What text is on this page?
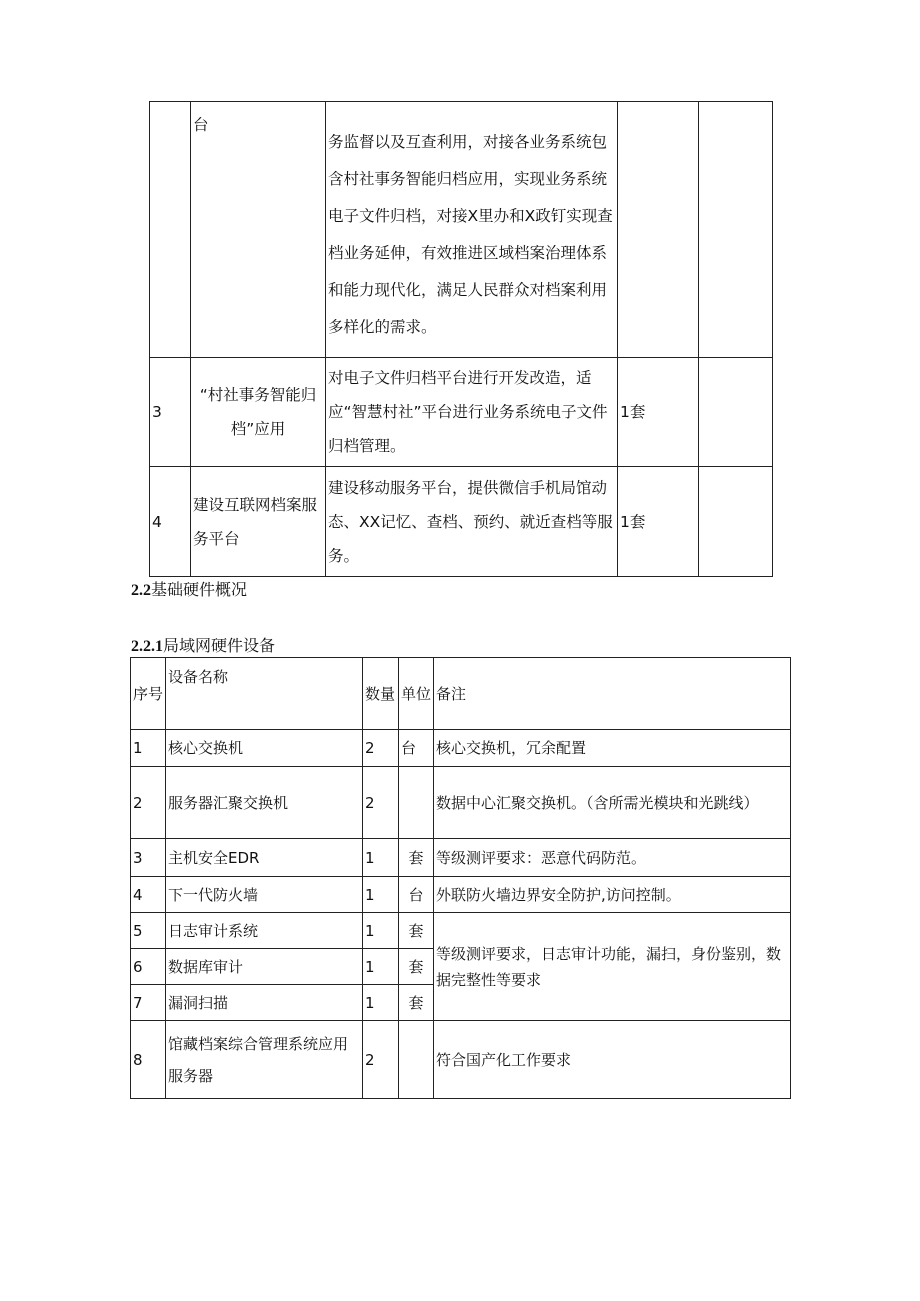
	台	务监督以及互查利用，对接各业务系统包含村社事务智能归档应用，实现业务系统电子文件归档，对接X里办和X政钉实现查档业务延伸，有效推进区域档案治理体系和能力现代化，满足人民群众对档案利用多样化的需求。		
3	“村社事务智能归档”应用	对电子文件归档平台进行开发改造，适应“智慧村社”平台进行业务系统电子文件归档管理。	1套	
4	建设互联网档案服务平台	建设移动服务平台，提供微信手机局馆动态、XX记忆、查档、预约、就近查档等服务。	1套	
2.2基础硬件概况
2.2.1局域网硬件设备
序号	设备名称	数量	单位	备注
1	核心交换机	2	台	核心交换机，冗余配置
2	服务器汇聚交换机	2		数据中心汇聚交换机。（含所需光模块和光跳线）
3	主机安全EDR	1	套	等级测评要求：恶意代码防范。
4	下一代防火墙	1	台	外联防火墙边界安全防护,访问控制。
5	日志审计系统	1	套	等级测评要求，日志审计功能，漏扫，身份鉴别，数据完整性等要求
6	数据库审计	1	套	
7	漏洞扫描	1	套	
8	馆藏档案综合管理系统应用服务器	2		符合国产化工作要求
